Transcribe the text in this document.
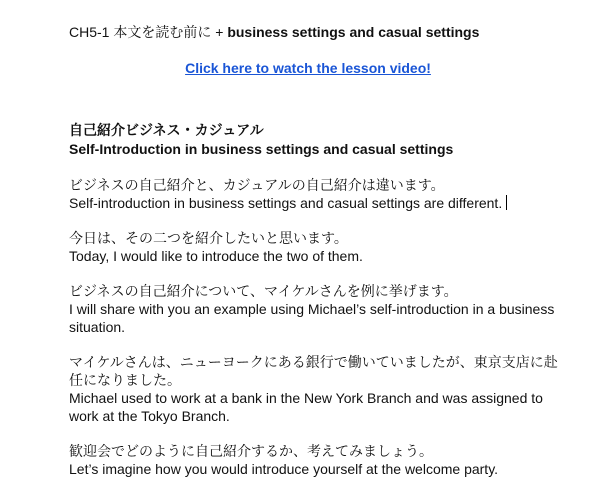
CH5-1 本文を読む前に + business settings and casual settings
Click here to watch the lesson video!
自己紹介ビジネス・カジュアル
Self-Introduction in business settings and casual settings
ビジネスの自己紹介と、カジュアルの自己紹介は違います。
Self-introduction in business settings and casual settings are different.
今日は、その二つを紹介したいと思います。
Today, I would like to introduce the two of them.
ビジネスの自己紹介について、マイケルさんを例に挙げます。
I will share with you an example using Michael’s self-introduction in a business situation.
マイケルさんは、ニューヨークにある銀行で働いていましたが、東京支店に赴任になりました。
Michael used to work at a bank in the New York Branch and was assigned to work at the Tokyo Branch.
歓迎会でどのように自己紹介するか、考えてみましょう。
Let’s imagine how you would introduce yourself at the welcome party.
